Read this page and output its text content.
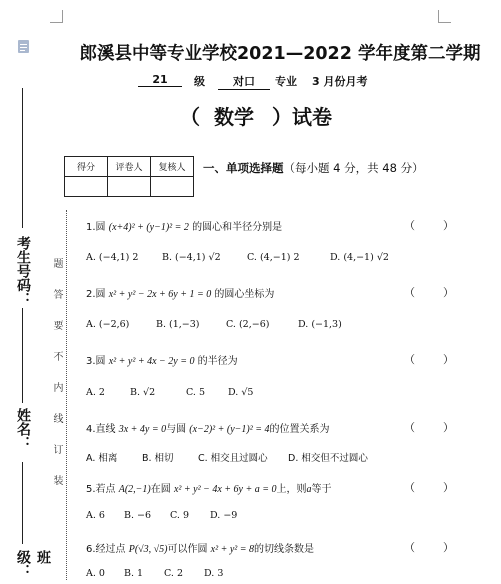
考生号码：
姓名：
班级：
题答要不内线订装
郎溪县中等专业学校2021—2022 学年度第二学期
21	级	对口	专业 3 月份月考
（ 数学 ）试卷
得分	评卷人	复核人
		一、单项选择题（每小题 4 分，共 48 分）
1.圆 (x+4)² + (y−1)² = 2 的圆心和半径分别是	（        ）
A. (−4,1) 2 B. (−4,1) √2	C. (4,−1) 2	D. (4,−1) √2
2.圆 x² + y² − 2x + 6y + 1 = 0 的圆心坐标为	（        ）
A. (−2,6)	B. (1,−3)	C. (2,−6)	D. (−1,3)
3.圆 x² + y² + 4x − 2y = 0 的半径为	（        ）
A. 2	B. √2	C. 5 D. √5
4.直线 3x + 4y = 0与圆 (x−2)² + (y−1)² = 4的位置关系为	（        ）
A. 相离	B. 相切	C. 相交且过圆心 D. 相交但不过圆心
5.若点 A(2,−1)在圆 x² + y² − 4x + 6y + a = 0上，则a等于	（        ）
A. 6 B. −6 C. 9 D. −9
6.经过点 P(√3, √5)可以作圆 x² + y² = 8的切线条数是	（        ）
A. 0 B. 1 C. 2 D. 3
